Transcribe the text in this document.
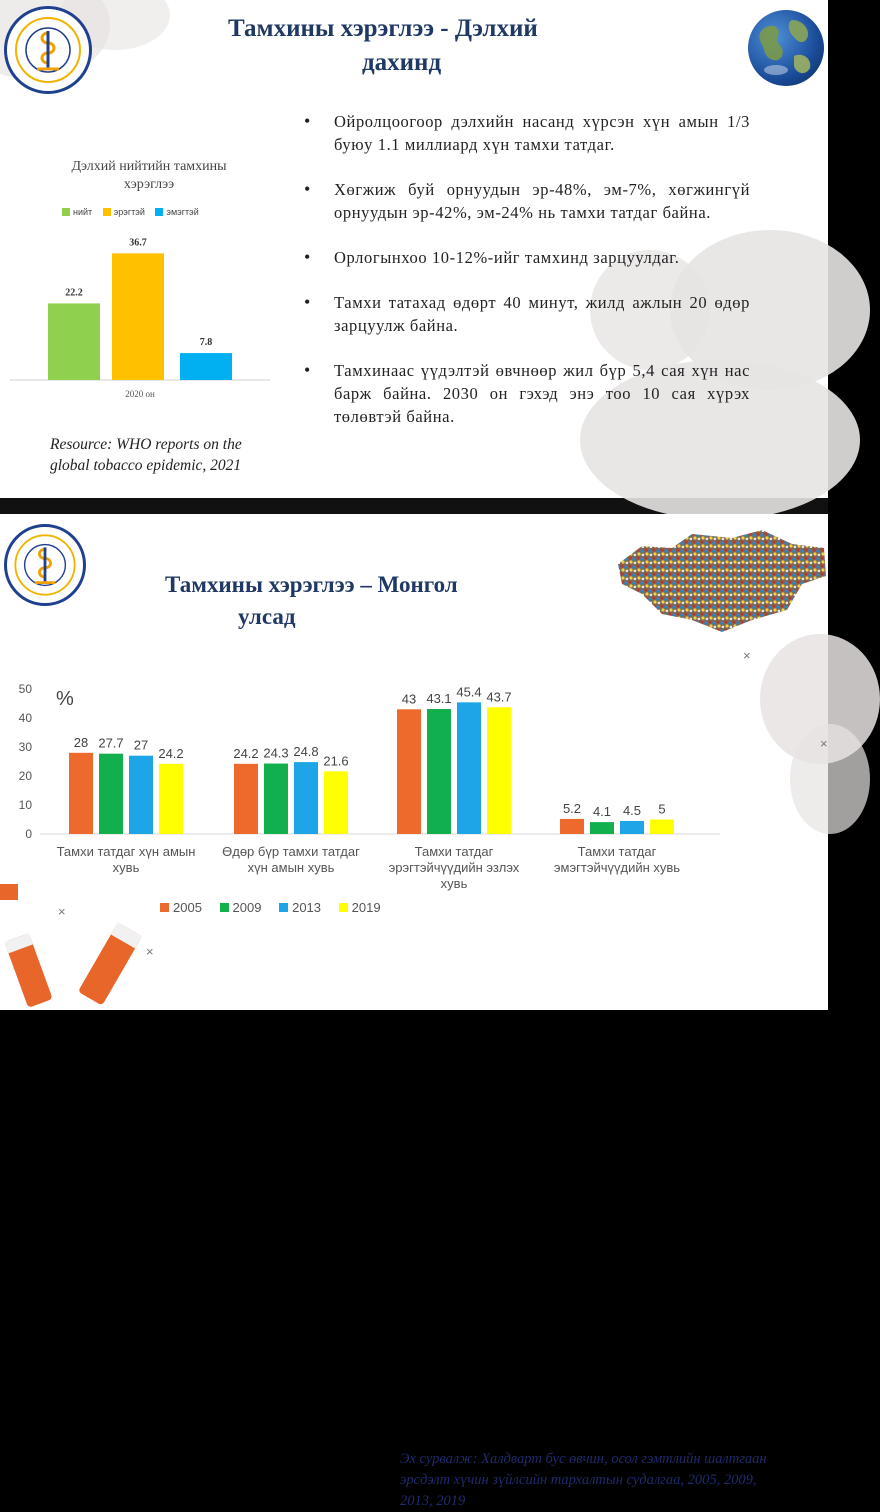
Тамхины хэрэглээ - Дэлхий
дахинд
Дэлхий нийтийн тамхины
хэрэглээ
нийт
эрэгтэй
эмэгтэй
22.2
36.7
7.8
2020 он
Resource: WHO reports on the
global tobacco epidemic, 2021
• Ойролцоогоор дэлхийн насанд хүрсэн хүн амын 1/3 буюу 1.1 миллиард хүн тамхи татдаг.
• Хөгжиж буй орнуудын эр-48%, эм-7%, хөгжингүй орнуудын эр-42%, эм-24% нь тамхи татдаг байна.
• Орлогынхоо 10-12%-ийг тамхинд зарцуулдаг.
• Тамхи татахад өдөрт 40 минут, жилд ажлын 20 өдөр зарцуулж байна.
• Тамхинаас үүдэлтэй өвчнөөр жил бүр 5,4 сая хүн нас барж байна. 2030 он гэхэд энэ тоо 10 сая хүрэх төлөвтэй байна.
Тамхины хэрэглээ – Монгол
улсад
×
×
×
×
0
10
20
30
40
50
28
24.2
43
5.2
27.7
24.3
43.1
4.1
27	24.8
45.4
4.5
24.2
21.6
43.7
5
Тамхи татдаг хүн амын
хувь
Өдөр бүр тамхи татдаг
хүн амын хувь
Тамхи татдаг
эрэгтэйчүүдийн эзлэх
хувь
Тамхи татдаг
эмэгтэйчүүдийн хувь
%
2005
2009
2013
2019
Эх сурвалж: Халдварт бус өвчин, осол гэмтлийн шалтгаан
эрсдэлт хүчин зүйлсийн тархалтын судалгаа, 2005, 2009,
2013, 2019
